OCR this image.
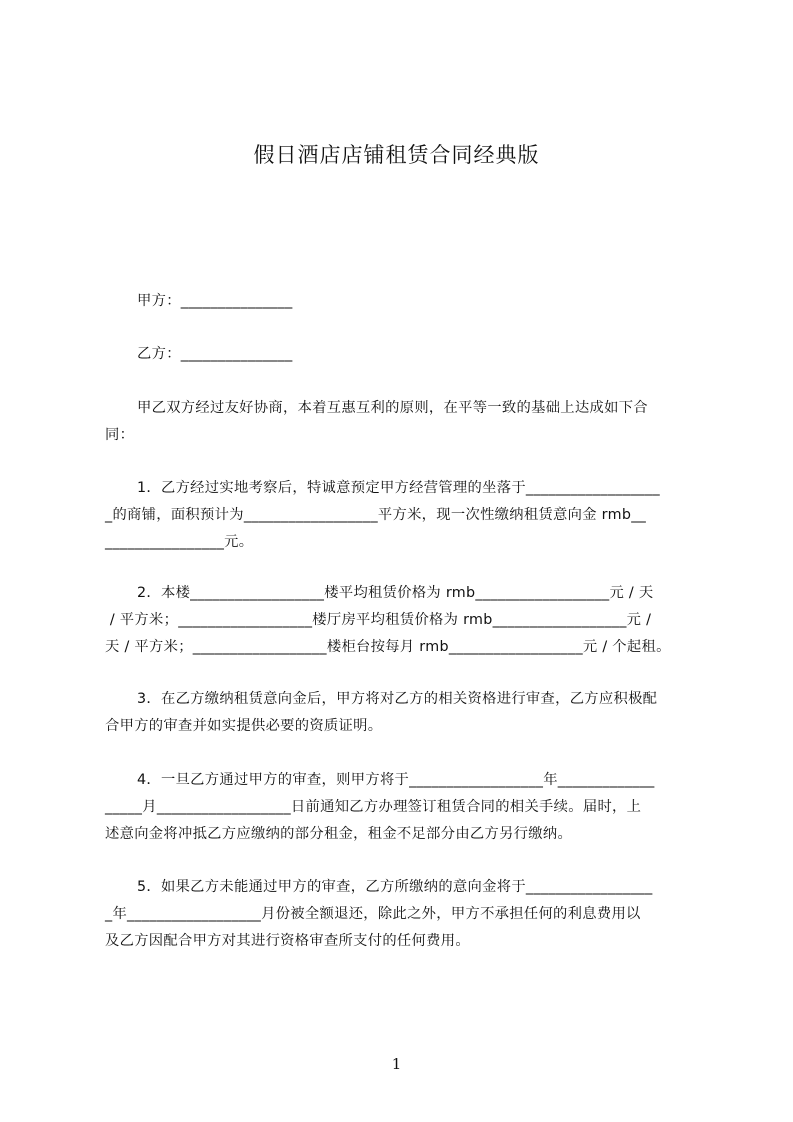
假日酒店店铺租赁合同经典版
甲方：_______________
乙方：_______________
甲乙双方经过友好协商，本着互惠互利的原则，在平等一致的基础上达成如下合
同：
1．乙方经过实地考察后，特诚意预定甲方经营管理的坐落于__________________
_的商铺，面积预计为__________________平方米，现一次性缴纳租赁意向金 rmb__
________________元。
2．本楼__________________楼平均租赁价格为 rmb__________________元 / 天
/ 平方米；__________________楼厅房平均租赁价格为 rmb__________________元 /
天 / 平方米；__________________楼柜台按每月 rmb__________________元 / 个起租。
3．在乙方缴纳租赁意向金后，甲方将对乙方的相关资格进行审查，乙方应积极配
合甲方的审查并如实提供必要的资质证明。
4．一旦乙方通过甲方的审查，则甲方将于__________________年_____________
_____月__________________日前通知乙方办理签订租赁合同的相关手续。届时，上
述意向金将冲抵乙方应缴纳的部分租金，租金不足部分由乙方另行缴纳。
5．如果乙方未能通过甲方的审查，乙方所缴纳的意向金将于_________________
_年__________________月份被全额退还，除此之外，甲方不承担任何的利息费用以
及乙方因配合甲方对其进行资格审查所支付的任何费用。
1
